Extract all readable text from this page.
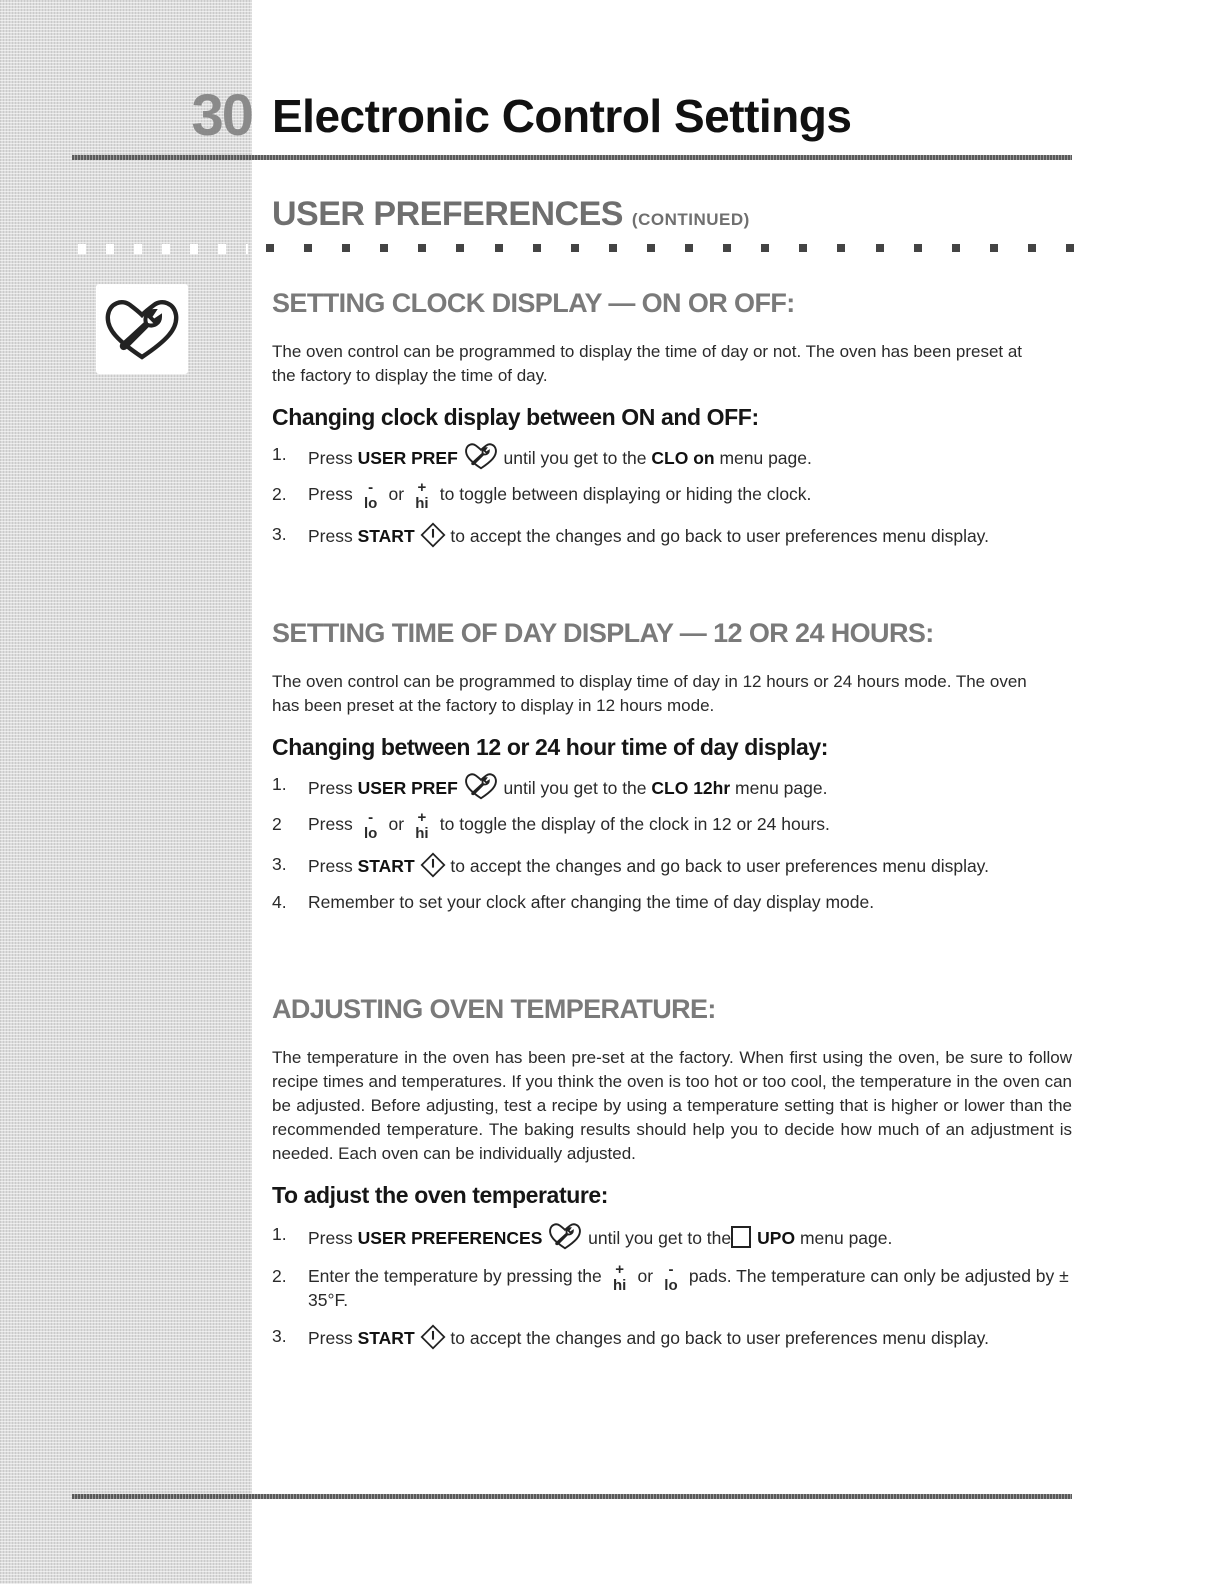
30 Electronic Control Settings
USER PREFERENCES (CONTINUED)
SETTING CLOCK DISPLAY — ON OR OFF:
The oven control can be programmed to display the time of day or not. The oven has been preset at the factory to display the time of day.
Changing clock display between ON and OFF:
1. Press USER PREF  until you get to the CLO on menu page.
2. Press -
lo or +
hi to toggle between displaying or hiding the clock.
3. Press START  to accept the changes and go back to user preferences menu display.
SETTING TIME OF DAY DISPLAY — 12 OR 24 HOURS:
The oven control can be programmed to display time of day in 12 hours or 24 hours mode. The oven has been preset at the factory to display in 12 hours mode.
Changing between 12 or 24 hour time of day display:
1. Press USER PREF  until you get to the CLO 12hr menu page.
2 Press -
lo or +
hi to toggle the display of the clock in 12 or 24 hours.
3. Press START  to accept the changes and go back to user preferences menu display.
4. Remember to set your clock after changing the time of day display mode.
ADJUSTING OVEN TEMPERATURE:
The temperature in the oven has been pre-set at the factory. When first using the oven, be sure to follow recipe times and temperatures. If you think the oven is too hot or too cool, the temperature in the oven can be adjusted. Before adjusting, test a recipe by using a temperature setting that is higher or lower than the recommended temperature. The baking results should help you to decide how much of an adjustment is needed. Each oven can be individually adjusted.
To adjust the oven temperature:
1. Press USER PREFERENCES  until you get to the UPO menu page.
2. Enter the temperature by pressing the +
hi or	-
lo pads. The temperature can only be adjusted by ± 35°F.
3. Press START  to accept the changes and go back to user preferences menu display.
